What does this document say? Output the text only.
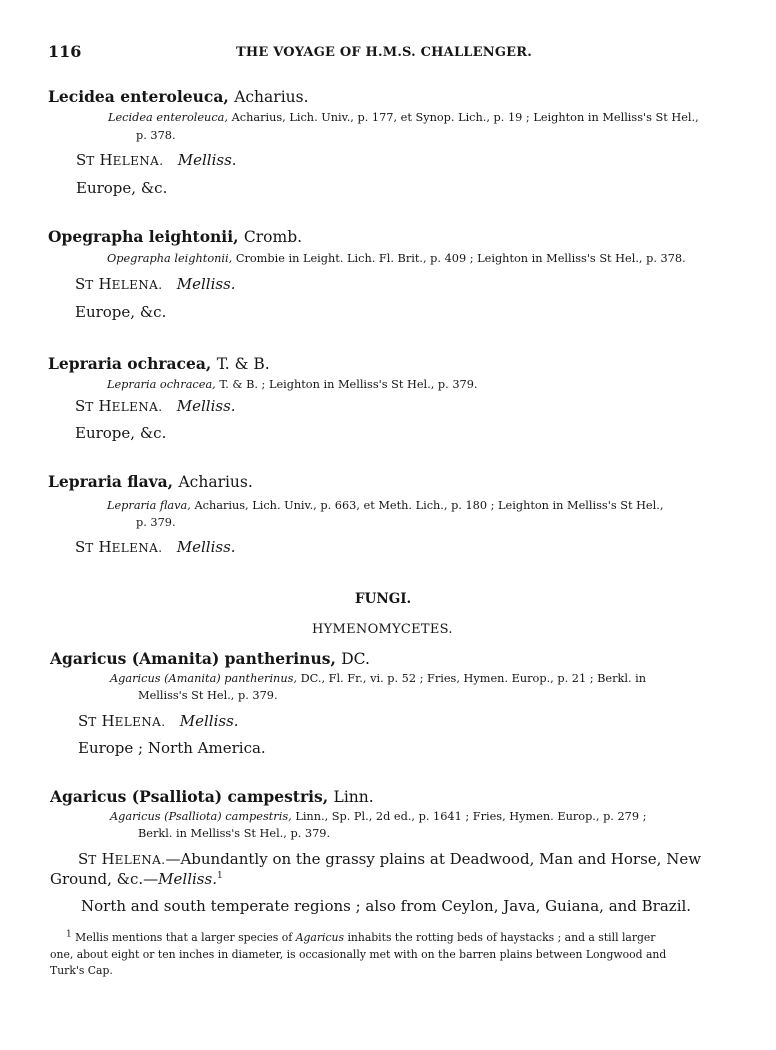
116	THE VOYAGE OF H.M.S. CHALLENGER.
Lecidea enteroleuca, Acharius.
Lecidea enteroleuca, Acharius, Lich. Univ., p. 177, et Synop. Lich., p. 19 ; Leighton in Melliss's St Hel.,
p. 378.
ST HELENA. Melliss.
Europe, &c.
Opegrapha leightonii, Cromb.
Opegrapha leightonii, Crombie in Leight. Lich. Fl. Brit., p. 409 ; Leighton in Melliss's St Hel., p. 378.
ST HELENA. Melliss.
Europe, &c.
Lepraria ochracea, T. & B.
Lepraria ochracea, T. & B. ; Leighton in Melliss's St Hel., p. 379.
ST HELENA. Melliss.
Europe, &c.
Lepraria flava, Acharius.
Lepraria flava, Acharius, Lich. Univ., p. 663, et Meth. Lich., p. 180 ; Leighton in Melliss's St Hel.,
p. 379.
ST HELENA. Melliss.
FUNGI.
HYMENOMYCETES.
Agaricus (Amanita) pantherinus, DC.
Agaricus (Amanita) pantherinus, DC., Fl. Fr., vi. p. 52 ; Fries, Hymen. Europ., p. 21 ; Berkl. in
Melliss's St Hel., p. 379.
ST HELENA. Melliss.
Europe ; North America.
Agaricus (Psalliota) campestris, Linn.
Agaricus (Psalliota) campestris, Linn., Sp. Pl., 2d ed., p. 1641 ; Fries, Hymen. Europ., p. 279 ;
Berkl. in Melliss's St Hel., p. 379.
ST HELENA.—Abundantly on the grassy plains at Deadwood, Man and Horse, New
Ground, &c.—Melliss.$^1$
North and south temperate regions ; also from Ceylon, Java, Guiana, and Brazil.
$^1$ Mellis mentions that a larger species of Agaricus inhabits the rotting beds of haystacks ; and a still larger
one, about eight or ten inches in diameter, is occasionally met with on the barren plains between Longwood and
Turk's Cap.
